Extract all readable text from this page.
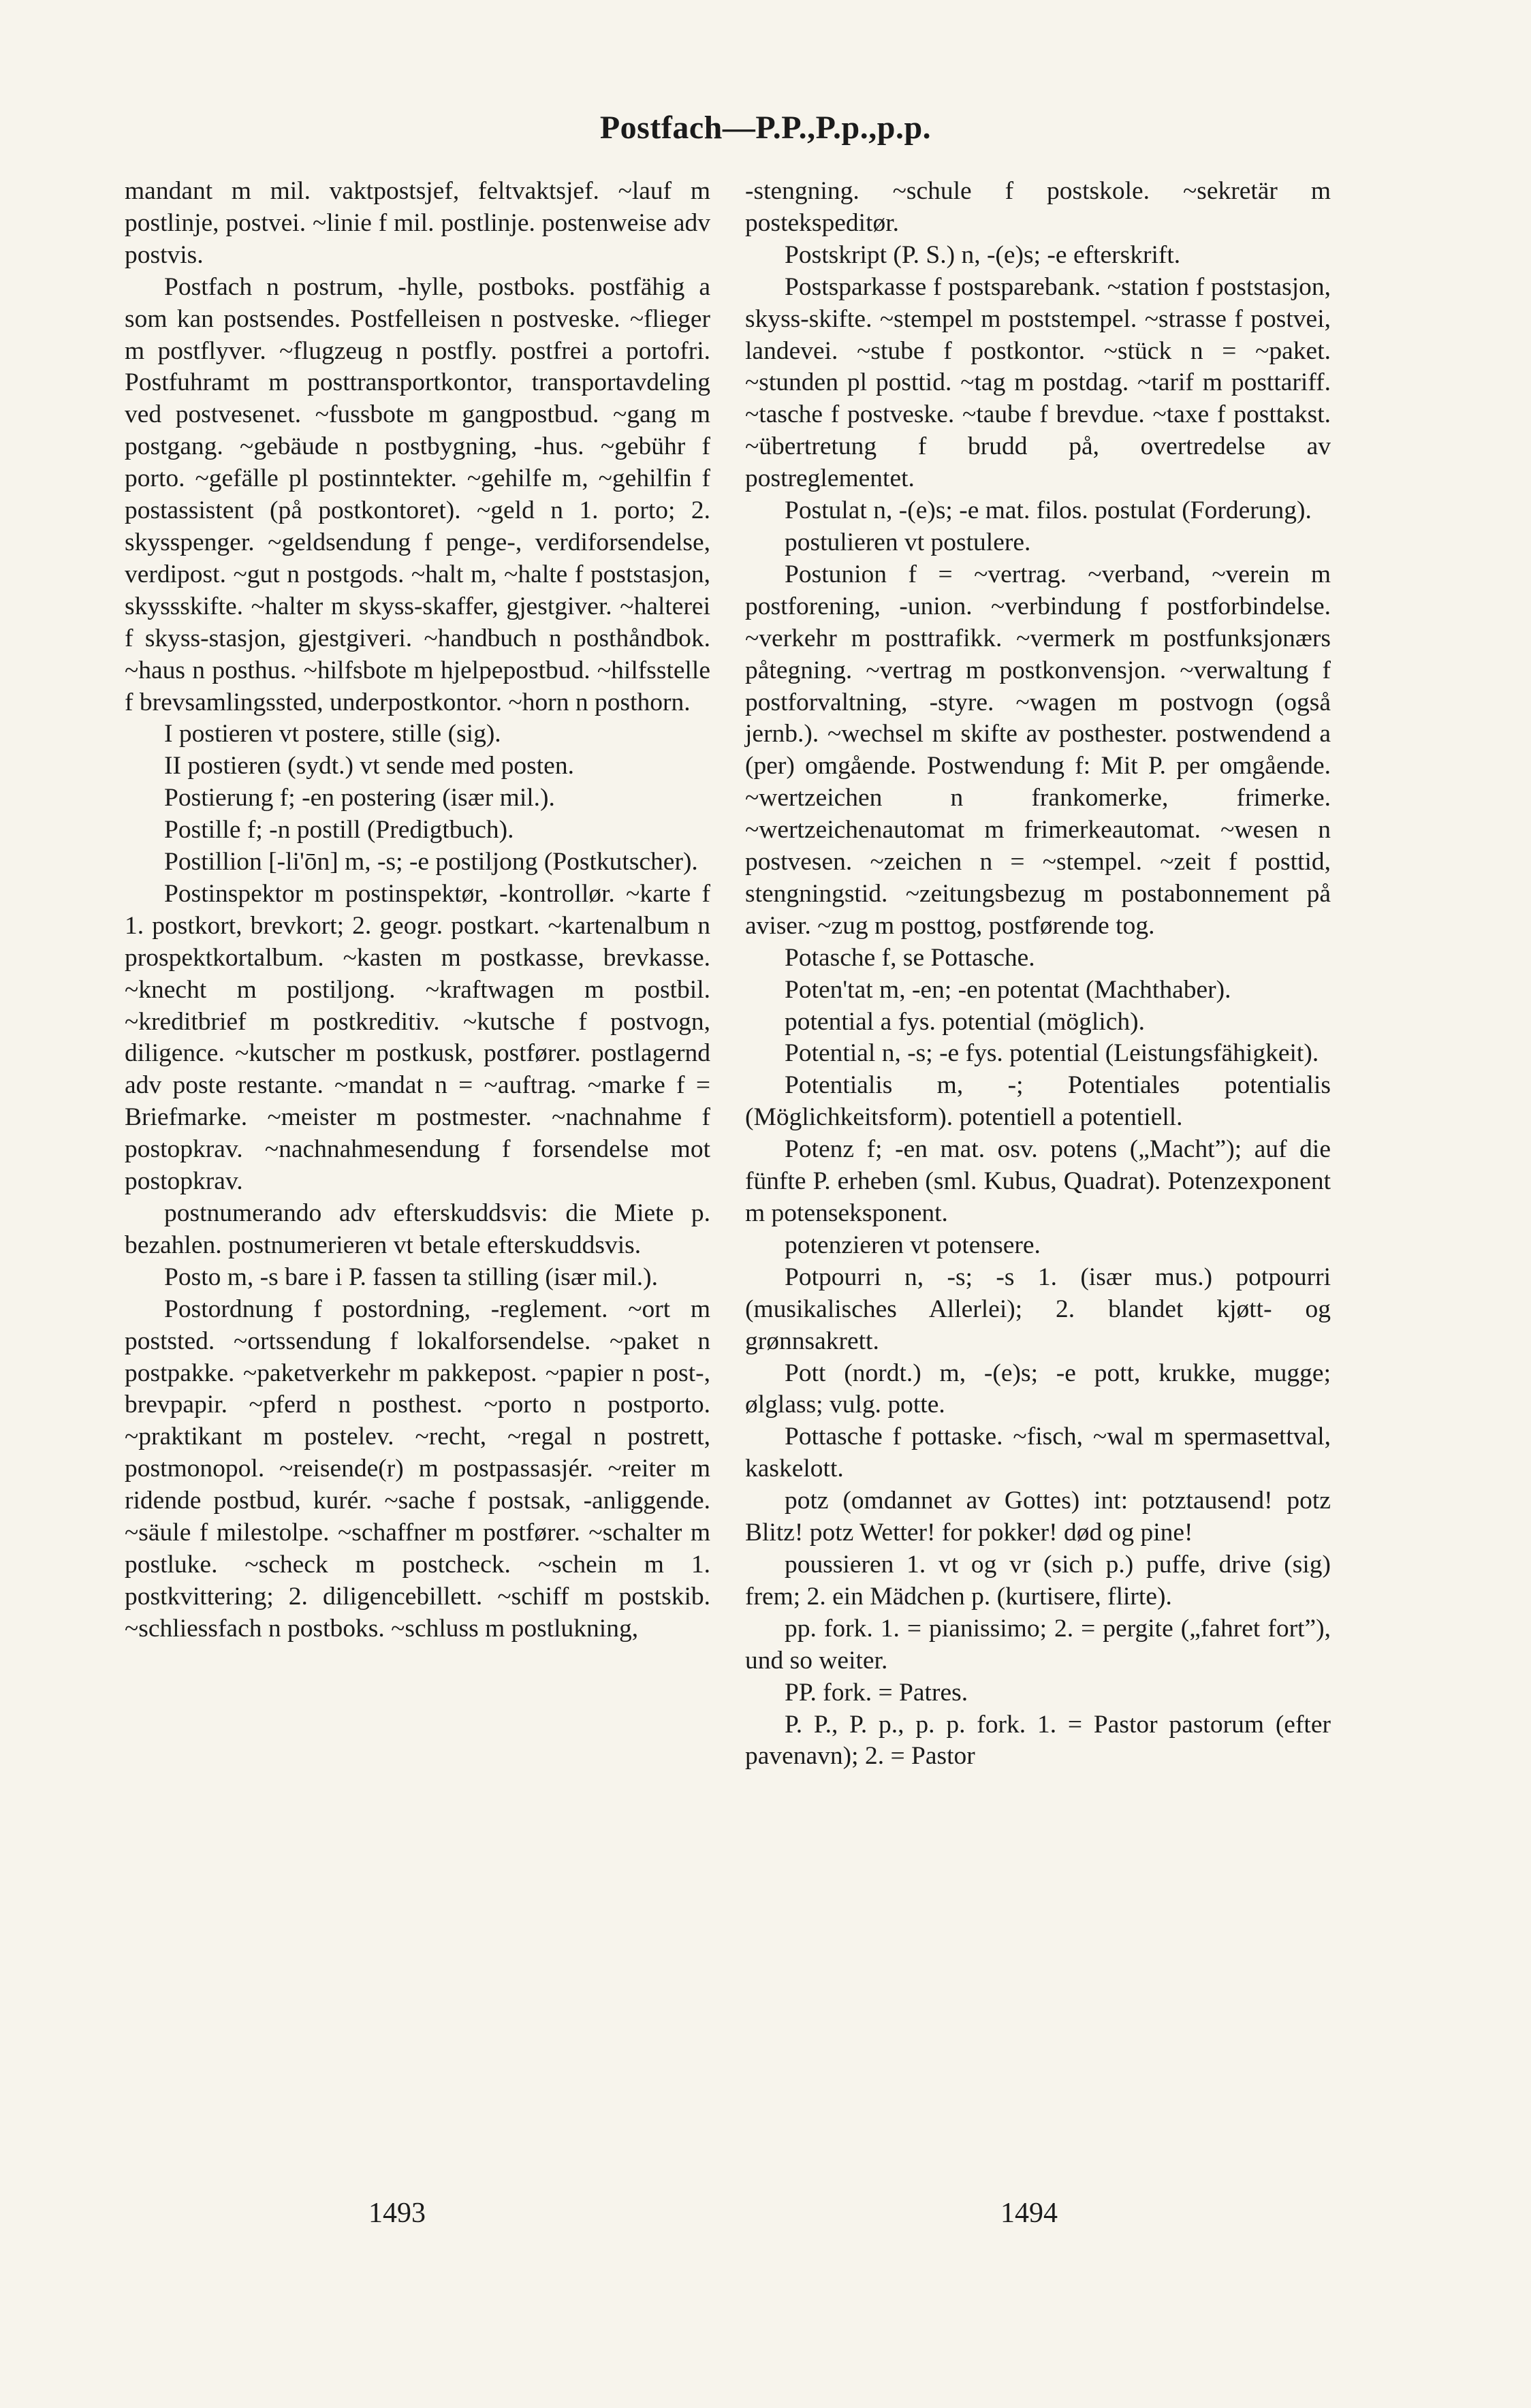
Postfach—P.P.,P.p.,p.p.

mandant m mil. vaktpostsjef, feltvaktsjef. ~lauf m postlinje, postvei. ~linie f mil. postlinje. postenweise adv postvis.

Postfach n postrum, -hylle, postboks. postfähig a som kan postsendes. Postfelleisen n postveske. ~flieger m postflyver. ~flugzeug n postfly. postfrei a portofri. Postfuhramt m posttransportkontor, transportavdeling ved postvesenet. ~fussbote m gangpostbud. ~gang m postgang. ~gebäude n postbygning, -hus. ~gebühr f porto. ~gefälle pl postinntekter. ~gehilfe m, ~gehilfin f postassistent (på postkontoret). ~geld n 1. porto; 2. skysspenger. ~geldsendung f penge-, verdiforsendelse, verdipost. ~gut n postgods. ~halt m, ~halte f poststasjon, skyssskifte. ~halter m skyss-skaffer, gjestgiver. ~halterei f skyss-stasjon, gjestgiveri. ~handbuch n posthåndbok. ~haus n posthus. ~hilfsbote m hjelpepostbud. ~hilfsstelle f brevsamlingssted, underpostkontor. ~horn n posthorn.

I postieren vt postere, stille (sig).

II postieren (sydt.) vt sende med posten.

Postierung f; -en postering (især mil.).

Postille f; -n postill (Predigtbuch).

Postillion [-li'ōn] m, -s; -e postiljong (Postkutscher).

Postinspektor m postinspektør, -kontrollør. ~karte f 1. postkort, brevkort; 2. geogr. postkart. ~kartenalbum n prospektkortalbum. ~kasten m postkasse, brevkasse. ~knecht m postiljong. ~kraftwagen m postbil. ~kreditbrief m postkreditiv. ~kutsche f postvogn, diligence. ~kutscher m postkusk, postfører. postlagernd adv poste restante. ~mandat n = ~auftrag. ~marke f = Briefmarke. ~meister m postmester. ~nachnahme f postopkrav. ~nachnahmesendung f forsendelse mot postopkrav.

postnumerando adv efterskuddsvis: die Miete p. bezahlen. postnumerieren vt betale efterskuddsvis.

Posto m, -s bare i P. fassen ta stilling (især mil.).

Postordnung f postordning, -reglement. ~ort m poststed. ~ortssendung f lokalforsendelse. ~paket n postpakke. ~paketverkehr m pakkepost. ~papier n post-, brevpapir. ~pferd n posthest. ~porto n postporto. ~praktikant m postelev. ~recht, ~regal n postrett, postmonopol. ~reisende(r) m postpassasjér. ~reiter m ridende postbud, kurér. ~sache f postsak, -anliggende. ~säule f milestolpe. ~schaffner m postfører. ~schalter m postluke. ~scheck m postcheck. ~schein m 1. postkvittering; 2. diligencebillett. ~schiff m postskib. ~schliessfach n postboks. ~schluss m postlukning,

-stengning. ~schule f postskole. ~sekretär m postekspeditør.

Postskript (P. S.) n, -(e)s; -e efterskrift.

Postsparkasse f postsparebank. ~station f poststasjon, skyss-skifte. ~stempel m poststempel. ~strasse f postvei, landevei. ~stube f postkontor. ~stück n = ~paket. ~stunden pl posttid. ~tag m postdag. ~tarif m posttariff. ~tasche f postveske. ~taube f brevdue. ~taxe f posttakst. ~übertretung f brudd på, overtredelse av postreglementet.

Postulat n, -(e)s; -e mat. filos. postulat (Forderung).

postulieren vt postulere.

Postunion f = ~vertrag. ~verband, ~verein m postforening, -union. ~verbindung f postforbindelse. ~verkehr m posttrafikk. ~vermerk m postfunksjonærs påtegning. ~vertrag m postkonvensjon. ~verwaltung f postforvaltning, -styre. ~wagen m postvogn (også jernb.). ~wechsel m skifte av posthester. postwendend a (per) omgående. Postwendung f: Mit P. per omgående. ~wertzeichen n frankomerke, frimerke. ~wertzeichenautomat m frimerkeautomat. ~wesen n postvesen. ~zeichen n = ~stempel. ~zeit f posttid, stengningstid. ~zeitungsbezug m postabonnement på aviser. ~zug m posttog, postførende tog.

Potasche f, se Pottasche.

Poten'tat m, -en; -en potentat (Machthaber).

potential a fys. potential (möglich).

Potential n, -s; -e fys. potential (Leistungsfähigkeit).

Potentialis m, -; Potentiales potentialis (Möglichkeitsform). potentiell a potentiell.

Potenz f; -en mat. osv. potens („Macht”); auf die fünfte P. erheben (sml. Kubus, Quadrat). Potenzexponent m potenseksponent.

potenzieren vt potensere.

Potpourri n, -s; -s 1. (især mus.) potpourri (musikalisches Allerlei); 2. blandet kjøtt- og grønnsakrett.

Pott (nordt.) m, -(e)s; -e pott, krukke, mugge; ølglass; vulg. potte.

Pottasche f pottaske. ~fisch, ~wal m spermasettval, kaskelott.

potz (omdannet av Gottes) int: potztausend! potz Blitz! potz Wetter! for pokker! død og pine!

poussieren 1. vt og vr (sich p.) puffe, drive (sig) frem; 2. ein Mädchen p. (kurtisere, flirte).

pp. fork. 1. = pianissimo; 2. = pergite („fahret fort”), und so weiter.

PP. fork. = Patres.

P. P., P. p., p. p. fork. 1. = Pastor pastorum (efter pavenavn); 2. = Pastor

1493	1494
